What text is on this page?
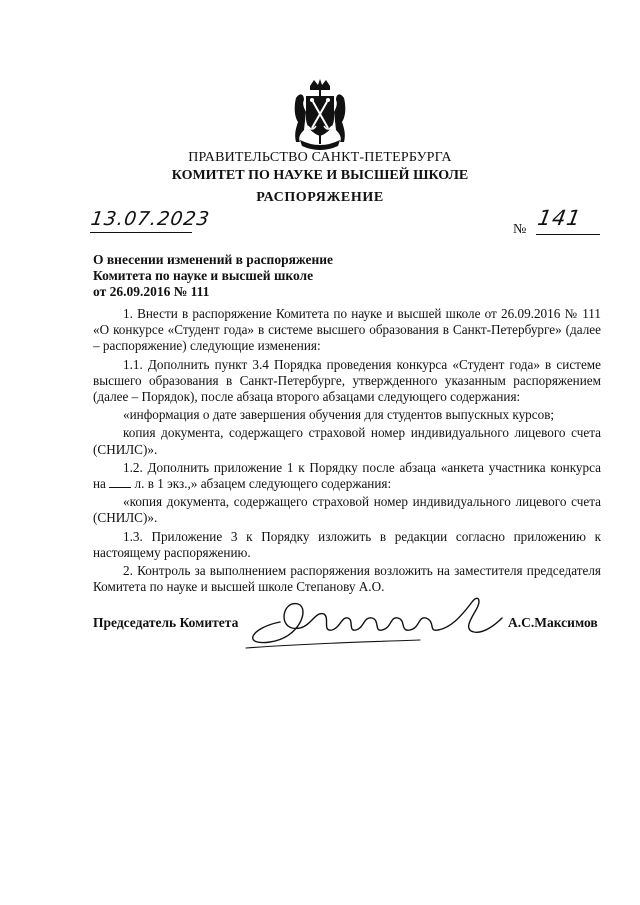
ПРАВИТЕЛЬСТВО САНКТ-ПЕТЕРБУРГА
КОМИТЕТ ПО НАУКЕ И ВЫСШЕЙ ШКОЛЕ
РАСПОРЯЖЕНИЕ
13.07.2023	№ 141
О внесении изменений в распоряжение
Комитета по науке и высшей школе
от 26.09.2016 № 111

1. Внести в распоряжение Комитета по науке и высшей школе от 26.09.2016 № 111 «О конкурсе «Студент года» в системе высшего образования в Санкт-Петербурге» (далее – распоряжение) следующие изменения:

1.1. Дополнить пункт 3.4 Порядка проведения конкурса «Студент года» в системе высшего образования в Санкт-Петербурге, утвержденного указанным распоряжением (далее – Порядок), после абзаца второго абзацами следующего содержания:

«информация о дате завершения обучения для студентов выпускных курсов;

копия документа, содержащего страховой номер индивидуального лицевого счета (СНИЛС)».

1.2. Дополнить приложение 1 к Порядку после абзаца «анкета участника конкурса на л. в 1 экз.,» абзацем следующего содержания:

«копия документа, содержащего страховой номер индивидуального лицевого счета (СНИЛС)».

1.3. Приложение 3 к Порядку изложить в редакции согласно приложению к настоящему распоряжению.

2. Контроль за выполнением распоряжения возложить на заместителя председателя Комитета по науке и высшей школе Степанову А.О.

Председатель Комитета	А.С.Максимов
